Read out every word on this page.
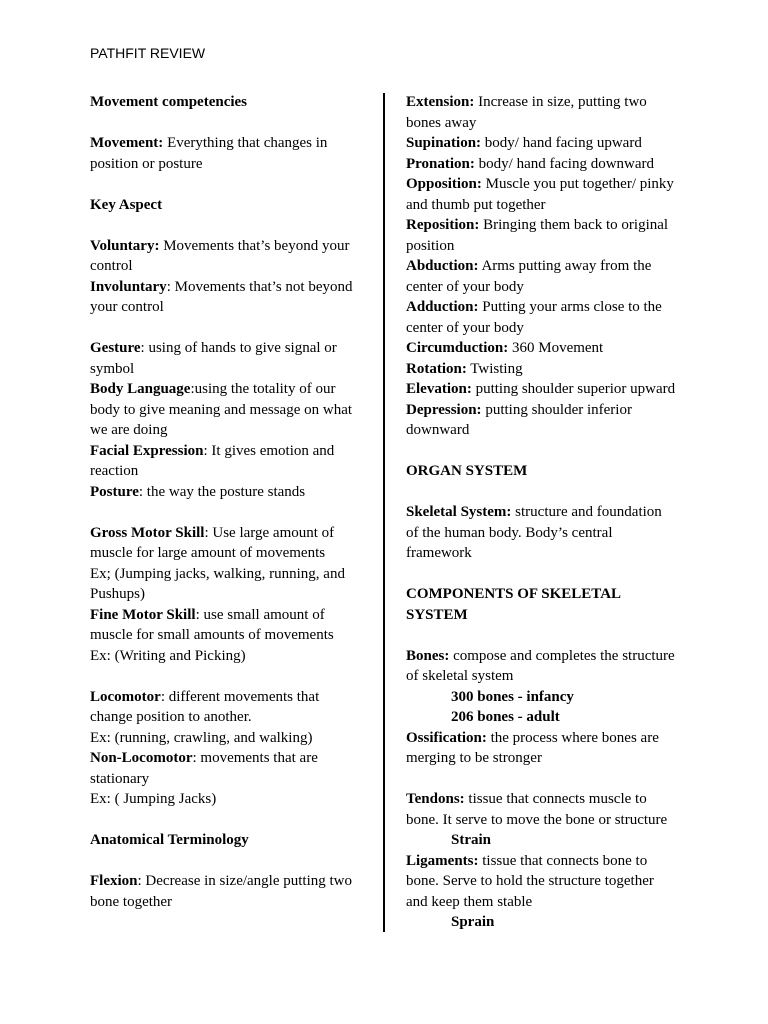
PATHFIT REVIEW

Movement competencies

Movement: Everything that changes in position or posture

Key Aspect

Voluntary: Movements that’s beyond your control

Involuntary: Movements that’s not beyond your control

Gesture: using of hands to give signal or symbol

Body Language:using the totality of our body to give meaning and message on what we are doing

Facial Expression: It gives emotion and reaction

Posture: the way the posture stands

Gross Motor Skill: Use large amount of muscle for large amount of movements

Ex; (Jumping jacks, walking, running, and Pushups)

Fine Motor Skill: use small amount of muscle for small amounts of movements

Ex: (Writing and Picking)

Locomotor: different movements that change position to another.

Ex: (running, crawling, and walking)

Non-Locomotor: movements that are stationary

Ex: ( Jumping Jacks)

Anatomical Terminology

Flexion: Decrease in size/angle putting two bone together

Extension: Increase in size, putting two bones away

Supination: body/ hand facing upward

Pronation: body/ hand facing downward

Opposition: Muscle you put together/ pinky and thumb put together

Reposition: Bringing them back to original position

Abduction: Arms putting away from the center of your body

Adduction: Putting your arms close to the center of your body

Circumduction: 360 Movement

Rotation: Twisting

Elevation: putting shoulder superior upward

Depression: putting shoulder inferior downward

ORGAN SYSTEM

Skeletal System: structure and foundation of the human body. Body’s central framework

COMPONENTS OF SKELETAL SYSTEM

Bones: compose and completes the structure of skeletal system

300 bones - infancy

206 bones - adult

Ossification: the process where bones are merging to be stronger

Tendons: tissue that connects muscle to bone. It serve to move the bone or structure

Strain

Ligaments: tissue that connects bone to bone. Serve to hold the structure together and keep them stable

Sprain
